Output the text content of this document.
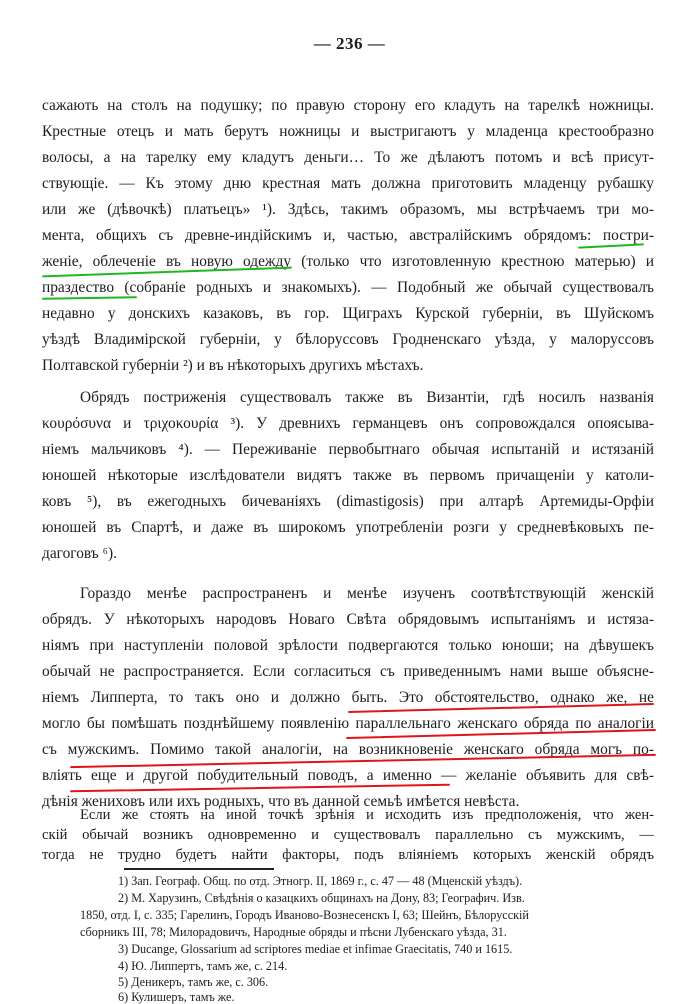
— 236 —
сажають на столъ на подушку; по правую сторону его кладуть на тарелкѣ ножницы.
Крестные отецъ и мать берутъ ножницы и выстригаютъ у младенца крестообразно
волосы, а на тарелку ему кладутъ деньги… То же дѣлаютъ потомъ и всѣ присут-
ствующіе. — Къ этому дню крестная мать должна приготовить младенцу рубашку
или же (дѣвочкѣ) платьецъ» ¹). Здѣсь, такимъ образомъ, мы встрѣчаемъ три мо-
мента, общихъ съ древне-индійскимъ и, частью, австралійскимъ обрядомъ: постри-
женіе, облеченіе въ новую одежду (только что изготовленную крестною матерью) и
праздество (собраніе родныхъ и знакомыхъ). — Подобный же обычай существовалъ
недавно у донскихъ казаковъ, въ гор. Щиграхъ Курской губерніи, въ Шуйскомъ
уѣздѣ Владимірской губерніи, у бѣлоруссовъ Гродненскаго уѣзда, у малоруссовъ
Полтавской губерніи ²) и въ нѣкоторыхъ другихъ мѣстахъ.
Обрядъ постриженія существовалъ также въ Византіи, гдѣ носилъ названія
κουρόσυνα и τριχοκουρία ³). У древнихъ германцевъ онъ сопровождался опоясыва-
ніемъ мальчиковъ ⁴). — Переживаніе первобытнаго обычая испытаній и истязаній
юношей нѣкоторые изслѣдователи видятъ также въ первомъ причащеніи у католи-
ковъ ⁵), въ ежегодныхъ бичеваніяхъ (dimastigosis) при алтарѣ Артемиды-Орфіи
юношей въ Спартѣ, и даже въ широкомъ употребленіи розги у средневѣковыхъ пе-
дагоговъ ⁶).
Гораздо менѣе распространенъ и менѣе изученъ соотвѣтствующій женскій
обрядъ. У нѣкоторыхъ народовъ Новаго Свѣта обрядовымъ испытаніямъ и истяза-
ніямъ при наступленіи половой зрѣлости подвергаются только юноши; на дѣвушекъ
обычай не распространяется. Если согласиться съ приведеннымъ нами выше объясне-
ніемъ Липперта, то такъ оно и должно быть. Это обстоятельство, однако же, не
могло бы помѣшать позднѣйшему появленію параллельнаго женскаго обряда по аналогіи
съ мужскимъ. Помимо такой аналогіи, на возникновеніе женскаго обряда могъ по-
вліять еще и другой побудительный поводъ, а именно — желаніе объявить для свѣ-
дѣнія жениховъ или ихъ родныхъ, что въ данной семьѣ имѣется невѣста.
Если же стоять на иной точкѣ зрѣнія и исходить изъ предположенія, что жен-
скій обычай возникъ одновременно и существовалъ параллельно съ мужскимъ, —
тогда не трудно будетъ найти факторы, подъ вліяніемъ которыхъ женскій обрядъ
1) Зап. Географ. Общ. по отд. Этногр. II, 1869 г., с. 47 — 48 (Мценскій уѣздъ).
2) М. Харузинъ, Свѣдѣнія о казацкихъ общинахъ на Дону, 83; Географич. Изв.
1850, отд. I, с. 335; Гарелинъ, Городъ Иваново-Вознесенскъ I, 63; Шейнъ, Бѣлорусскій
сборникъ III, 78; Милорадовичъ, Народные обряды и пѣсни Лубенскаго уѣзда, 31.
3) Ducange, Glossarium ad scriptores mediae et infimae Graecitatis, 740 и 1615.
4) Ю. Липпертъ, тамъ же, с. 214.
5) Деникеръ, тамъ же, с. 306.
6) Кулишеръ, тамъ же.
